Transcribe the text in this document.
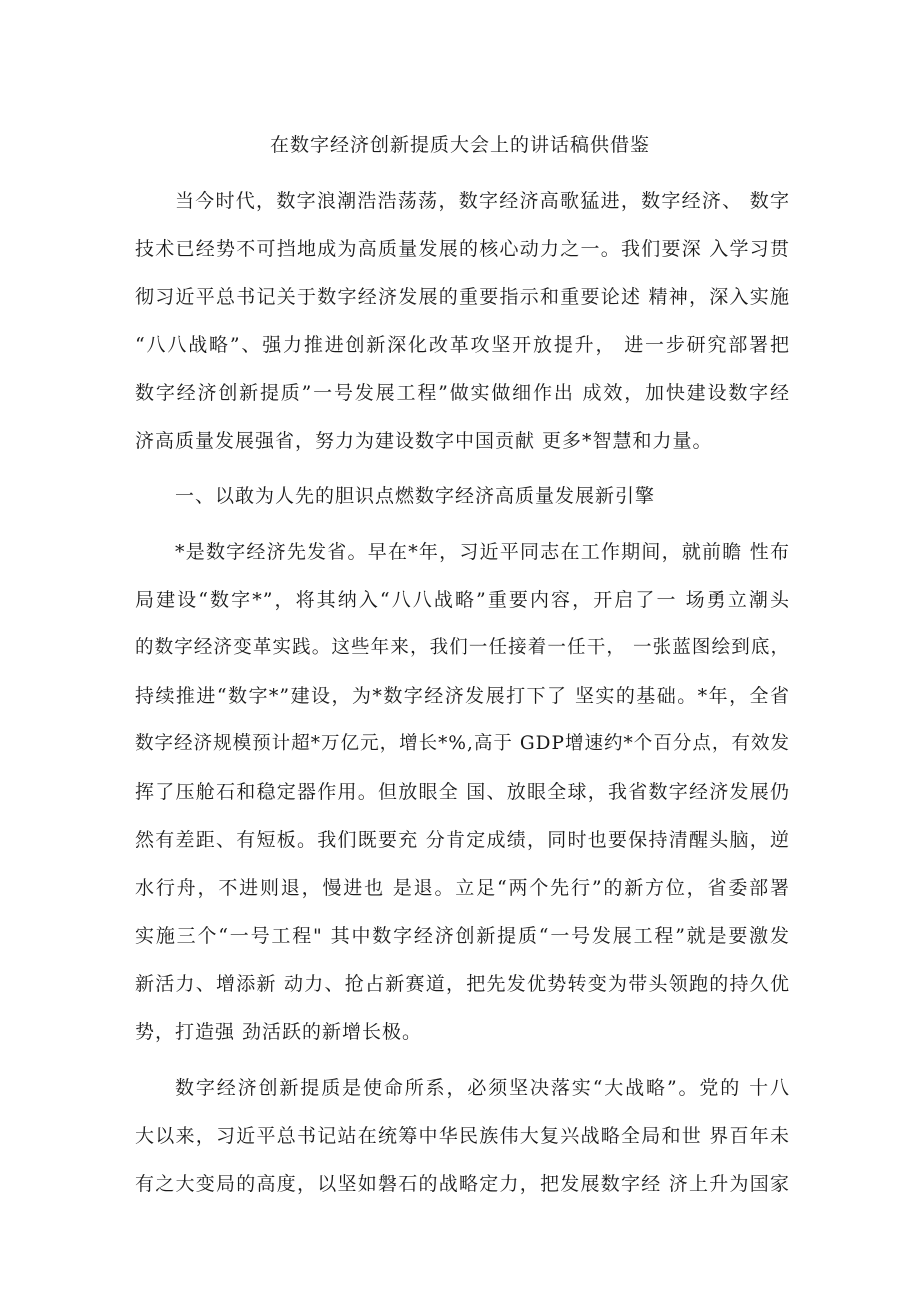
在数字经济创新提质大会上的讲话稿供借鉴
当今时代，数字浪潮浩浩荡荡，数字经济高歌猛进，数字经济、 数字
技术已经势不可挡地成为高质量发展的核心动力之一。我们要深 入学习贯
彻习近平总书记关于数字经济发展的重要指示和重要论述 精神，深入实施
“八八战略”、强力推进创新深化改革攻坚开放提升， 进一步研究部署把
数字经济创新提质”一号发展工程”做实做细作出 成效，加快建设数字经
济高质量发展强省，努力为建设数字中国贡献 更多*智慧和力量。
一、以敢为人先的胆识点燃数字经济高质量发展新引擎
*是数字经济先发省。早在*年，习近平同志在工作期间，就前瞻 性布
局建设“数字*”，将其纳入“八八战略”重要内容，开启了一 场勇立潮头
的数字经济变革实践。这些年来，我们一任接着一任干， 一张蓝图绘到底，
持续推进“数字*”建设，为*数字经济发展打下了 坚实的基础。*年，全省
数字经济规模预计超*万亿元，增长*%,高于 GDP增速约*个百分点，有效发
挥了压舱石和稳定器作用。但放眼全 国、放眼全球，我省数字经济发展仍
然有差距、有短板。我们既要充 分肯定成绩，同时也要保持清醒头脑，逆
水行舟，不进则退，慢进也 是退。立足“两个先行”的新方位，省委部署
实施三个“一号工程" 其中数字经济创新提质“一号发展工程”就是要激发
新活力、增添新 动力、抢占新赛道，把先发优势转变为带头领跑的持久优
势，打造强 劲活跃的新增长极。
数字经济创新提质是使命所系，必须坚决落实“大战略”。党的 十八
大以来，习近平总书记站在统筹中华民族伟大复兴战略全局和世 界百年未
有之大变局的高度，以坚如磐石的战略定力，把发展数字经 济上升为国家
